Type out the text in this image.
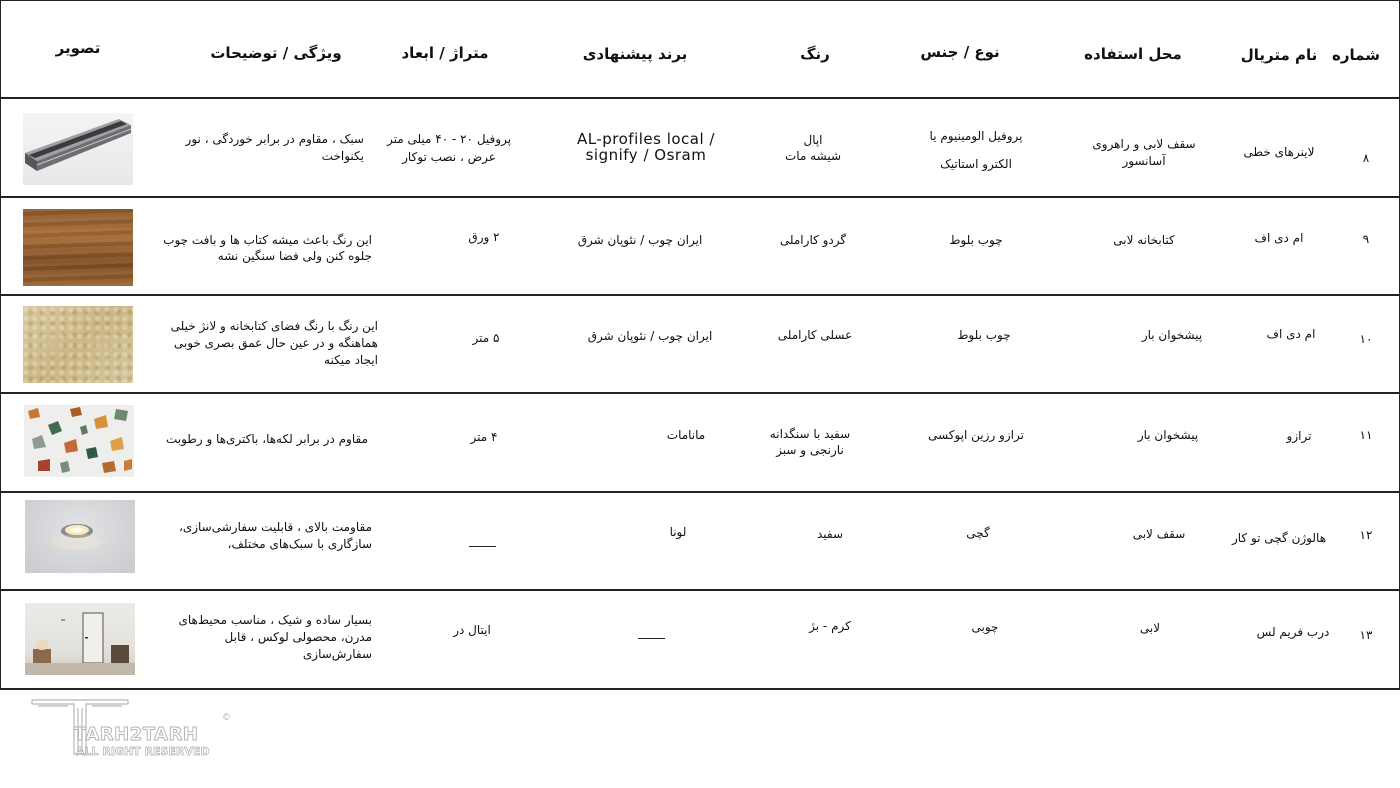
شماره
نام متریال
محل استفاده
نوع / جنس
رنگ
برند پیشنهادی
متراژ / ابعاد
ویژگی / توضیحات
تصویر
۸
لاینرهای خطی
سقف لابی و راهروی آسانسور
پروفیل الومینیوم یا
الکترو استاتیک
اپال
شیشه مات
AL-profiles local / signify / Osram
پروفیل ۲۰ - ۴۰ میلی متر
عرض ، نصب توکار
سبک ، مقاوم در برابر خوردگی ، نور
یکنواخت
۹
ام دی اف
کتابخانه لابی
چوب بلوط
گردو کاراملی
ایران چوب / نئوپان شرق
۲ ورق
این رنگ باعث میشه کتاب ها و بافت چوب
جلوه کنن ولی فضا سنگین نشه
۱۰
ام دی اف
پیشخوان بار
چوب بلوط
عسلی کاراملی
ایران چوب / نئوپان شرق
۵ متر
این رنگ با رنگ فضای کتابخانه و لانژ خیلی
هماهنگه و در عین حال عمق بصری خوبی
ایجاد میکنه
۱۱
ترازو
پیشخوان بار
ترازو رزین اپوکسی
سفید با سنگدانه
نارنجی و سبز
مانامات
۴ متر
مقاوم در برابر لکه‌ها، باکتری‌ها و رطوبت
۱۲
هالوژن گچی تو کار
سقف لابی
گچی
سفید
لونا
مقاومت بالای ، قابلیت سفارشی‌سازی،
سازگاری با سبک‌های مختلف،
۱۳
درب فریم لس
لابی
چوبی
کرم - بژ
ایتال در
بسیار ساده و شیک ، مناسب محیط‌های
مدرن، محصولی لوکس ، قابل
سفارش‌سازی
©
TARH2TARH
ALL RIGHT RESERVED
